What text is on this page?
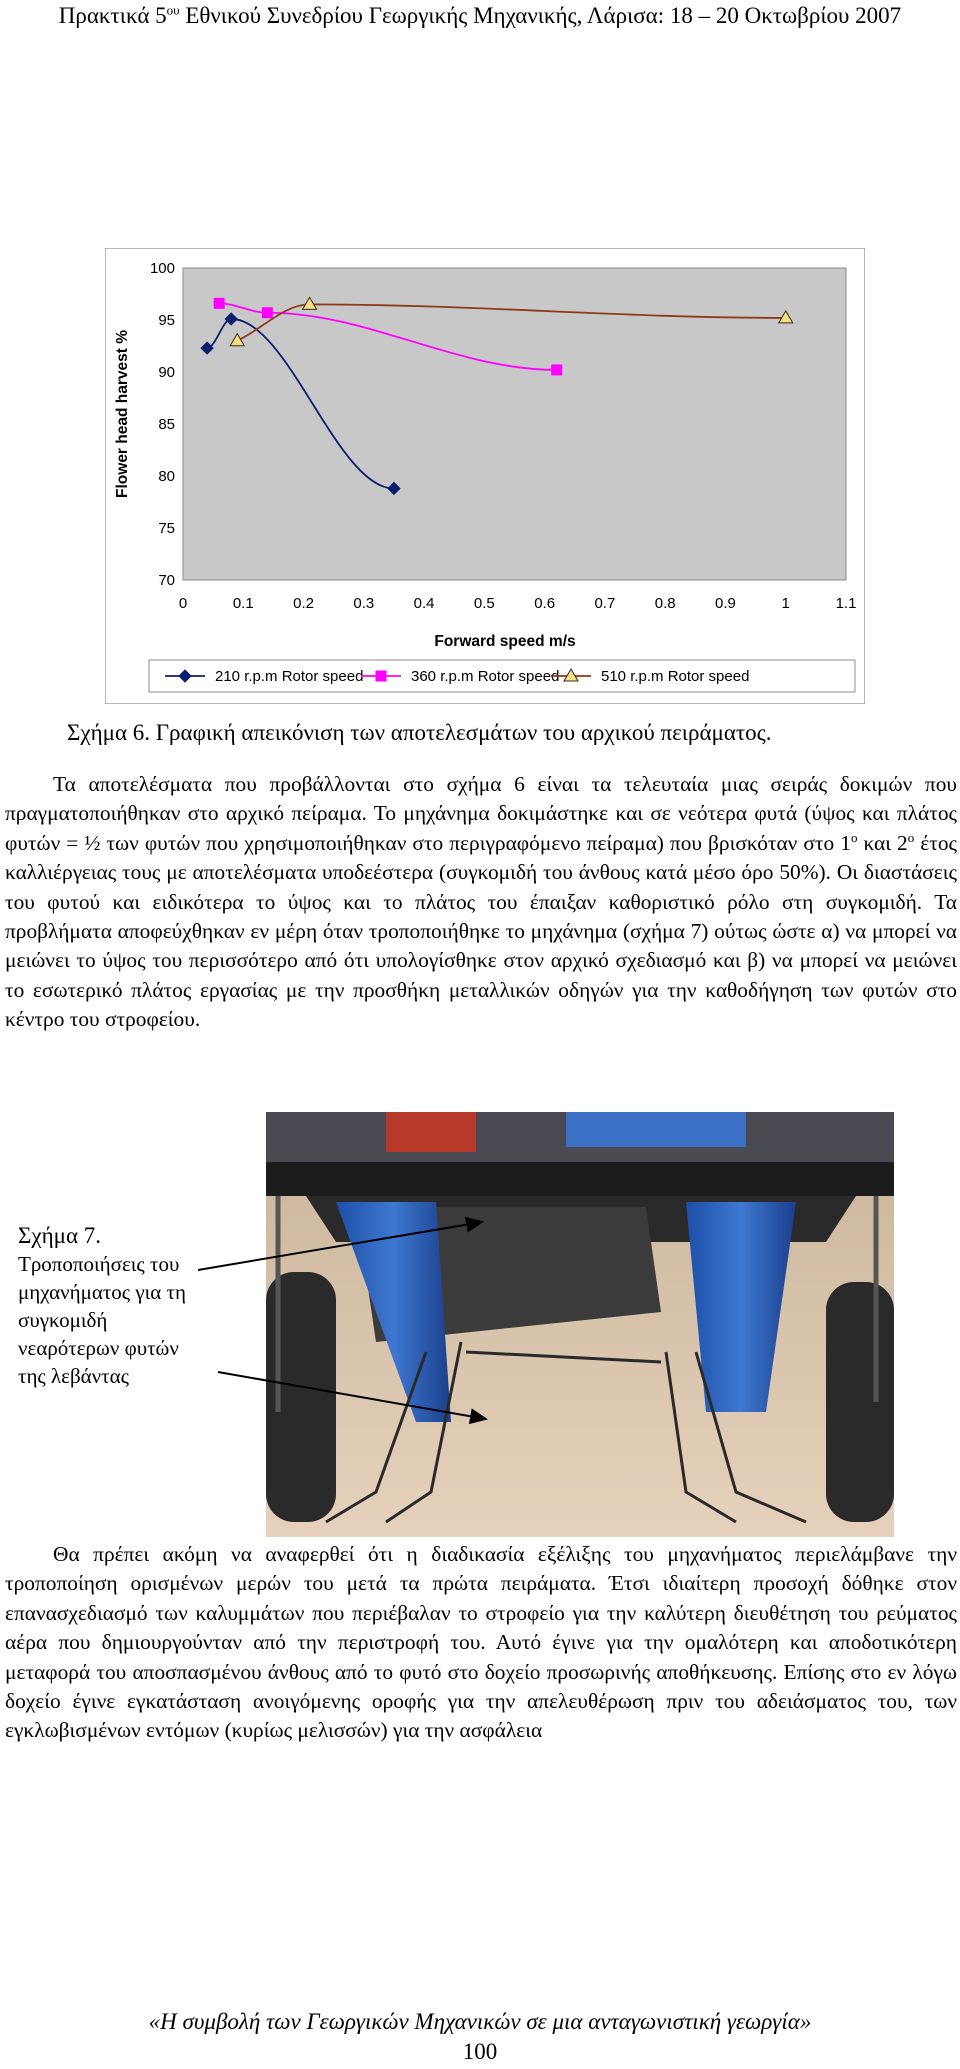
Πρακτικά $5^{o\upsilon}$ Εθνικού Συνεδρίου Γεωργικής Μηχανικής, Λάρισα: 18 – 20 Οκτωβρίου 2007
100
95
90
85
80
75
70
0	0.1	0.2	0.3	0.4	0.5	0.6	0.7	0.8	0.9	1	1.1
Flower head harvest %
Forward speed m/s
210 r.p.m Rotor speed	360 r.p.m Rotor speed	510 r.p.m Rotor speed
Σχήμα 6. Γραφική απεικόνιση των αποτελεσμάτων του αρχικού πειράματος.

Τα αποτελέσματα που προβάλλονται στο σχήμα 6 είναι τα τελευταία μιας σειράς δοκιμών που πραγματοποιήθηκαν στο αρχικό πείραμα. Το μηχάνημα δοκιμάστηκε και σε νεότερα φυτά (ύψος και πλάτος φυτών = ½ των φυτών που χρησιμοποιήθηκαν στο περιγραφόμενο πείραμα) που βρισκόταν στο $1^o$ και $2^o$ έτος καλλιέργειας τους με αποτελέσματα υποδεέστερα (συγκομιδή του άνθους κατά μέσο όρο 50%). Οι διαστάσεις του φυτού και ειδικότερα το ύψος και το πλάτος του έπαιξαν καθοριστικό ρόλο στη συγκομιδή. Τα προβλήματα αποφεύχθηκαν εν μέρη όταν τροποποιήθηκε το μηχάνημα (σχήμα 7) ούτως ώστε α) να μπορεί να μειώνει το ύψος του περισσότερο από ότι υπολογίσθηκε στον αρχικό σχεδιασμό και β) να μπορεί να μειώνει το εσωτερικό πλάτος εργασίας με την προσθήκη μεταλλικών οδηγών για την καθοδήγηση των φυτών στο κέντρο του στροφείου.

Σχήμα 7.
Τροποποιήσεις του
μηχανήματος για τη
συγκομιδή
νεαρότερων φυτών
της λεβάντας

Θα πρέπει ακόμη να αναφερθεί ότι η διαδικασία εξέλιξης του μηχανήματος περιελάμβανε την τροποποίηση ορισμένων μερών του μετά τα πρώτα πειράματα. Έτσι ιδιαίτερη προσοχή δόθηκε στον επανασχεδιασμό των καλυμμάτων που περιέβαλαν το στροφείο για την καλύτερη διευθέτηση του ρεύματος αέρα που δημιουργούνταν από την περιστροφή του. Αυτό έγινε για την ομαλότερη και αποδοτικότερη μεταφορά του αποσπασμένου άνθους από το φυτό στο δοχείο προσωρινής αποθήκευσης. Επίσης στο εν λόγω δοχείο έγινε εγκατάσταση ανοιγόμενης οροφής για την απελευθέρωση πριν του αδειάσματος του, των εγκλωβισμένων εντόμων (κυρίως μελισσών) για την ασφάλεια

«Η συμβολή των Γεωργικών Μηχανικών σε μια ανταγωνιστική γεωργία»
100
